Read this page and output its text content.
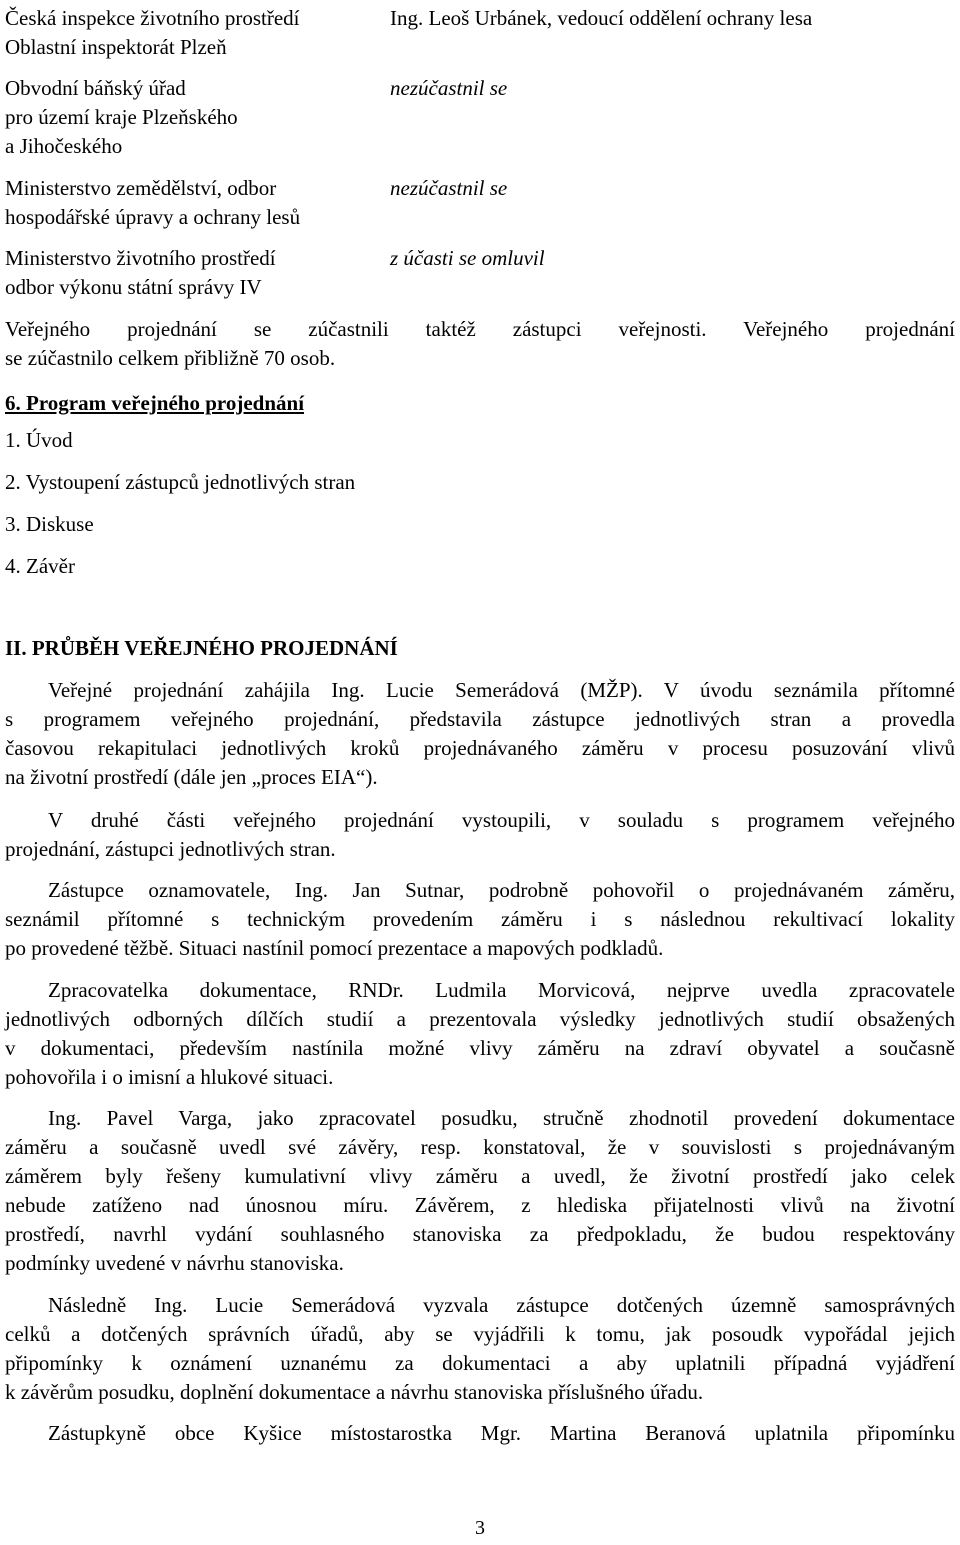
Česká inspekce životního prostředí
Oblastní inspektorát Plzeň
Ing. Leoš Urbánek, vedoucí oddělení ochrany lesa
Obvodní báňský úřad
pro území kraje Plzeňského
a Jihočeského
nezúčastnil se
Ministerstvo zemědělství, odbor
hospodářské úpravy a ochrany lesů
nezúčastnil se
Ministerstvo životního prostředí
odbor výkonu státní správy IV
z účasti se omluvil
Veřejného projednání se zúčastnili taktéž zástupci veřejnosti. Veřejného projednání
se zúčastnilo celkem přibližně 70 osob.
6. Program veřejného projednání
1. Úvod
2. Vystoupení zástupců jednotlivých stran
3. Diskuse
4. Závěr
II. PRŮBĚH VEŘEJNÉHO PROJEDNÁNÍ
Veřejné projednání zahájila Ing. Lucie Semerádová (MŽP). V úvodu seznámila přítomné
s programem veřejného projednání, představila zástupce jednotlivých stran a provedla
časovou rekapitulaci jednotlivých kroků projednávaného záměru v procesu posuzování vlivů
na životní prostředí (dále jen „proces EIA“).
V druhé části veřejného projednání vystoupili, v souladu s programem veřejného
projednání, zástupci jednotlivých stran.
Zástupce oznamovatele, Ing. Jan Sutnar, podrobně pohovořil o projednávaném záměru,
seznámil přítomné s technickým provedením záměru i s následnou rekultivací lokality
po provedené těžbě. Situaci nastínil pomocí prezentace a mapových podkladů.
Zpracovatelka dokumentace, RNDr. Ludmila Morvicová, nejprve uvedla zpracovatele
jednotlivých odborných dílčích studií a prezentovala výsledky jednotlivých studií obsažených
v dokumentaci, především nastínila možné vlivy záměru na zdraví obyvatel a současně
pohovořila i o imisní a hlukové situaci.
Ing. Pavel Varga, jako zpracovatel posudku, stručně zhodnotil provedení dokumentace
záměru a současně uvedl své závěry, resp. konstatoval, že v souvislosti s projednávaným
záměrem byly řešeny kumulativní vlivy záměru a uvedl, že životní prostředí jako celek
nebude zatíženo nad únosnou míru. Závěrem, z hlediska přijatelnosti vlivů na životní
prostředí, navrhl vydání souhlasného stanoviska za předpokladu, že budou respektovány
podmínky uvedené v návrhu stanoviska.
Následně Ing. Lucie Semerádová vyzvala zástupce dotčených územně samosprávných
celků a dotčených správních úřadů, aby se vyjádřili k tomu, jak posoudk vypořádal jejich
připomínky k oznámení uznanému za dokumentaci a aby uplatnili případná vyjádření
k závěrům posudku, doplnění dokumentace a návrhu stanoviska příslušného úřadu.
Zástupkyně obce Kyšice místostarostka Mgr. Martina Beranová uplatnila připomínku
3
